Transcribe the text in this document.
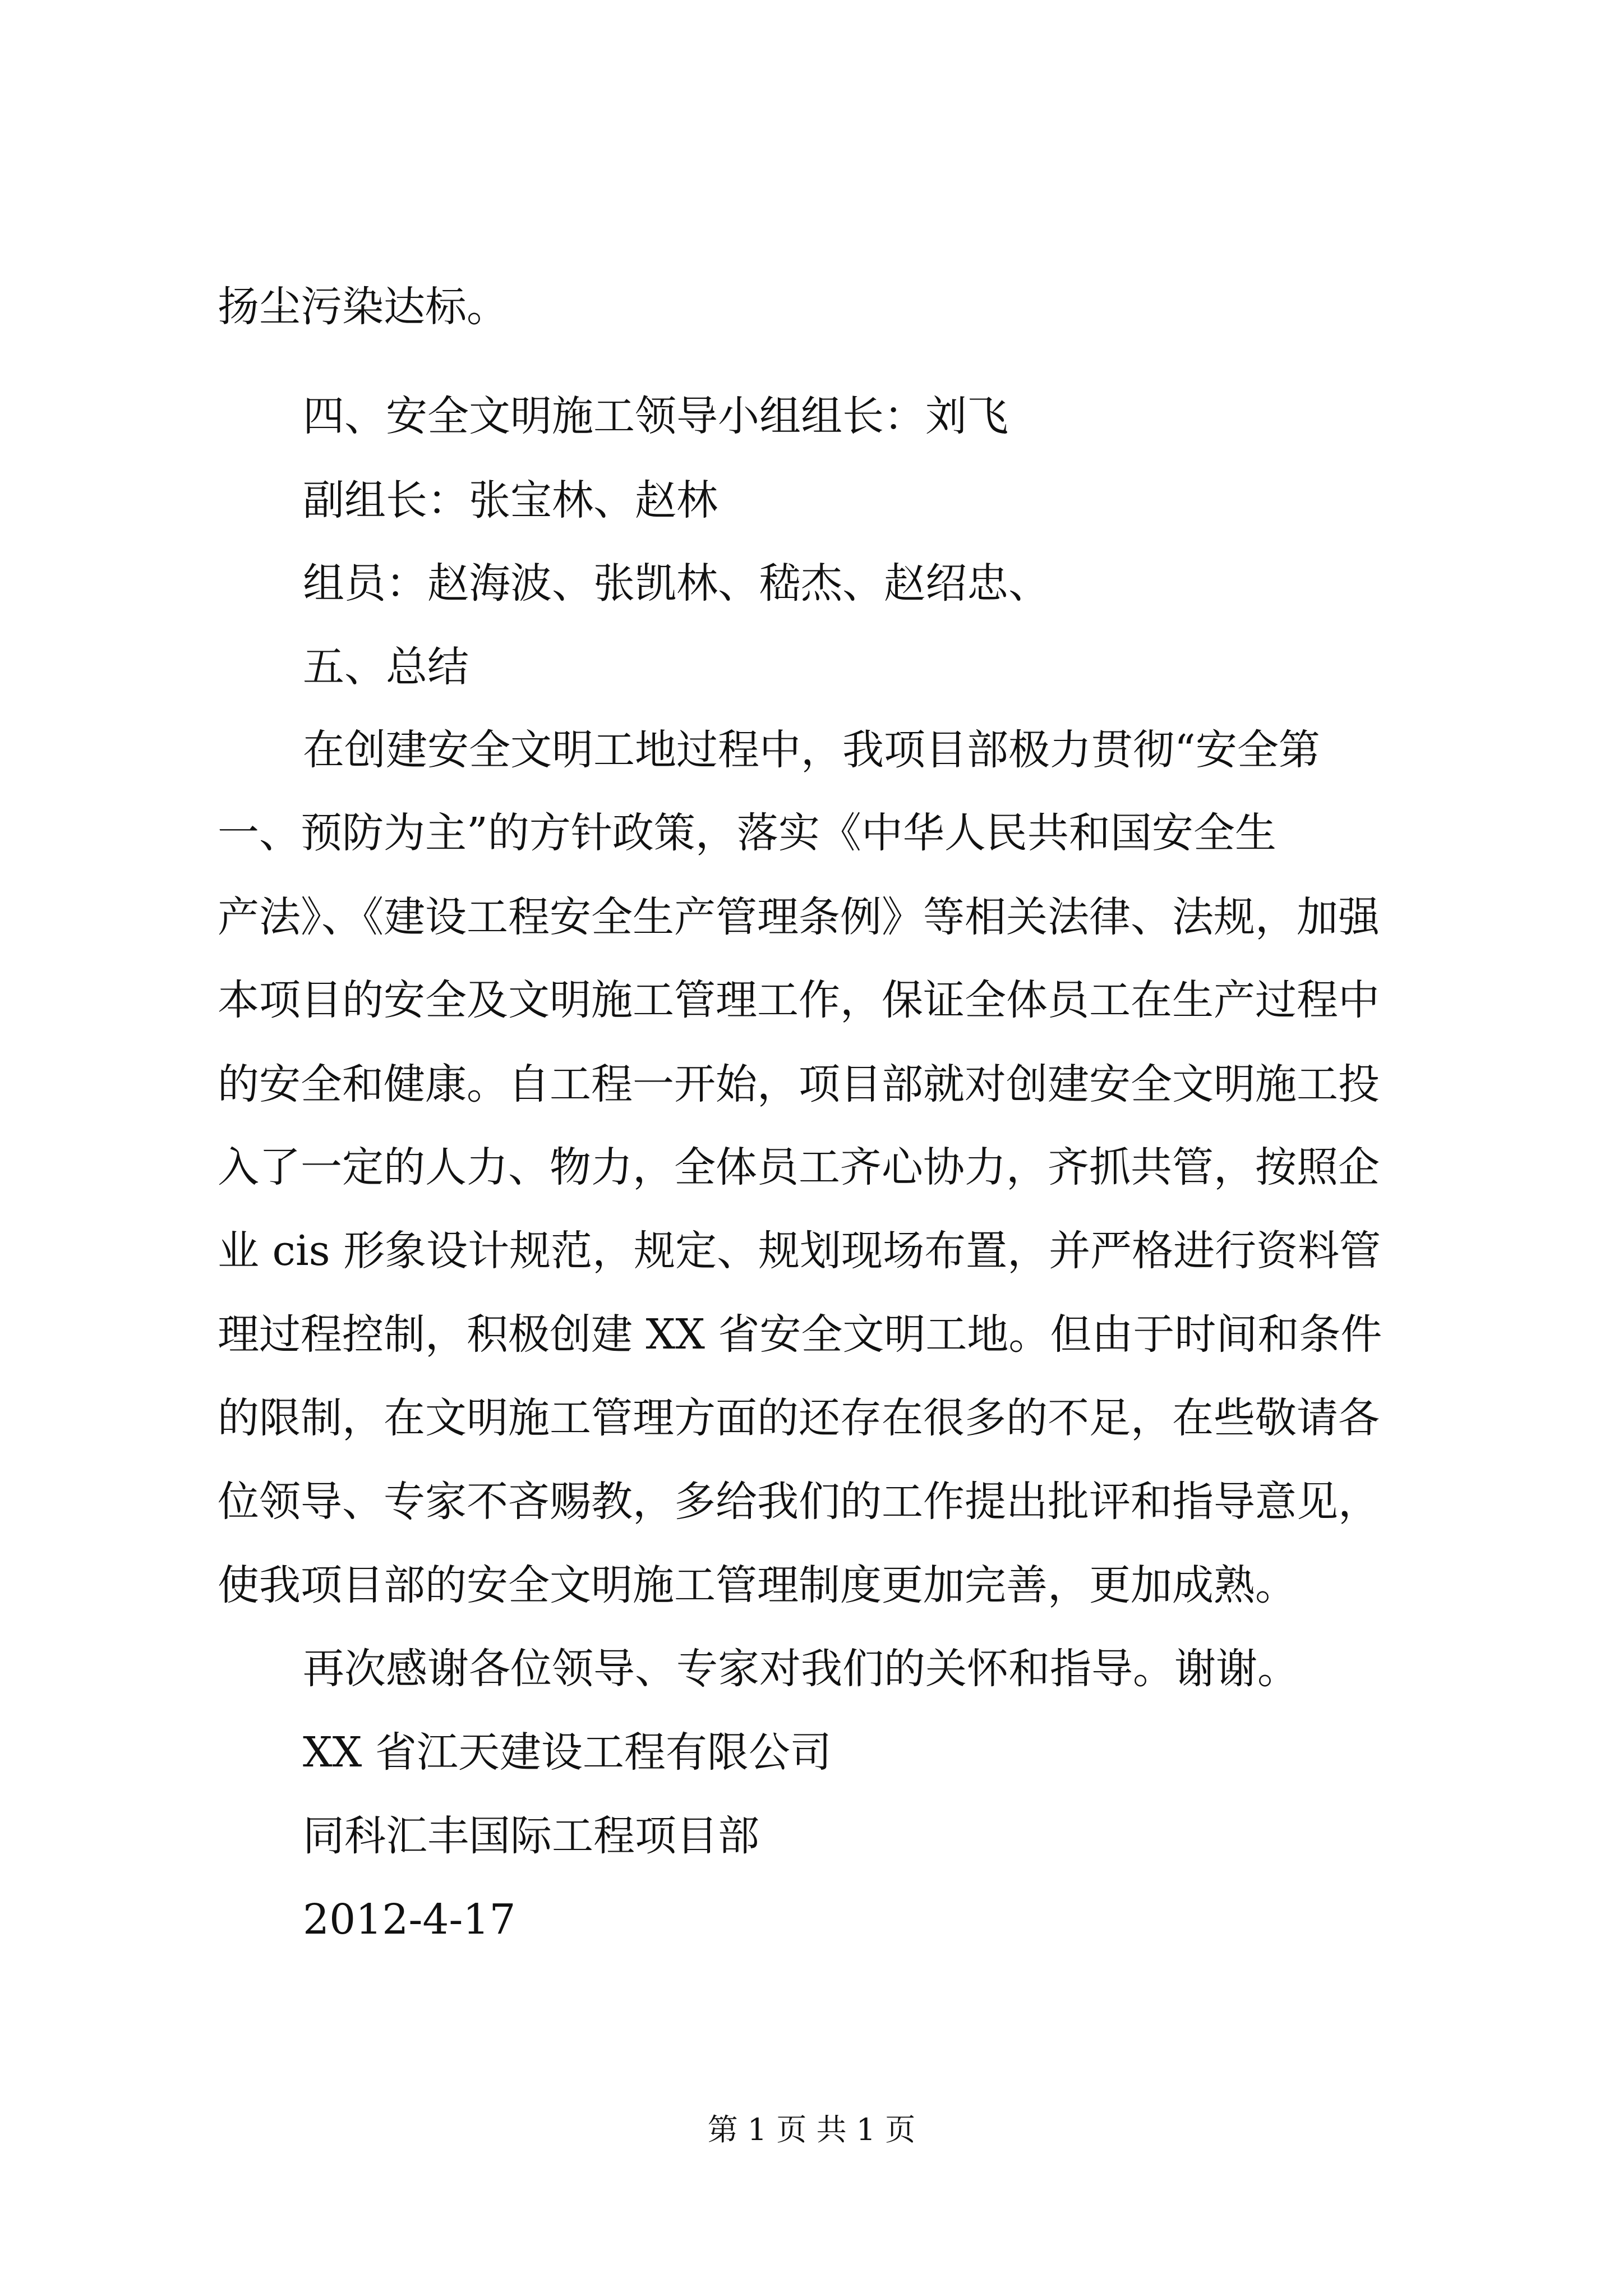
扬尘污染达标。
四、安全文明施工领导小组组长：刘飞
副组长：张宝林、赵林
组员：赵海波、张凯林、嵇杰、赵绍忠、
五、总结
在创建安全文明工地过程中，我项目部极力贯彻“安全第
一、预防为主”的方针政策，落实《中华人民共和国安全生
产法》、《建设工程安全生产管理条例》等相关法律、法规，加强
本项目的安全及文明施工管理工作，保证全体员工在生产过程中
的安全和健康。自工程一开始，项目部就对创建安全文明施工投
入了一定的人力、物力，全体员工齐心协力，齐抓共管，按照企
业 cis 形象设计规范，规定、规划现场布置，并严格进行资料管
理过程控制，积极创建 XX 省安全文明工地。但由于时间和条件
的限制，在文明施工管理方面的还存在很多的不足，在些敬请各
位领导、专家不吝赐教，多给我们的工作提出批评和指导意见，
使我项目部的安全文明施工管理制度更加完善，更加成熟。
再次感谢各位领导、专家对我们的关怀和指导。谢谢。
XX 省江天建设工程有限公司
同科汇丰国际工程项目部
2012-4-17
第 1 页 共 1 页
